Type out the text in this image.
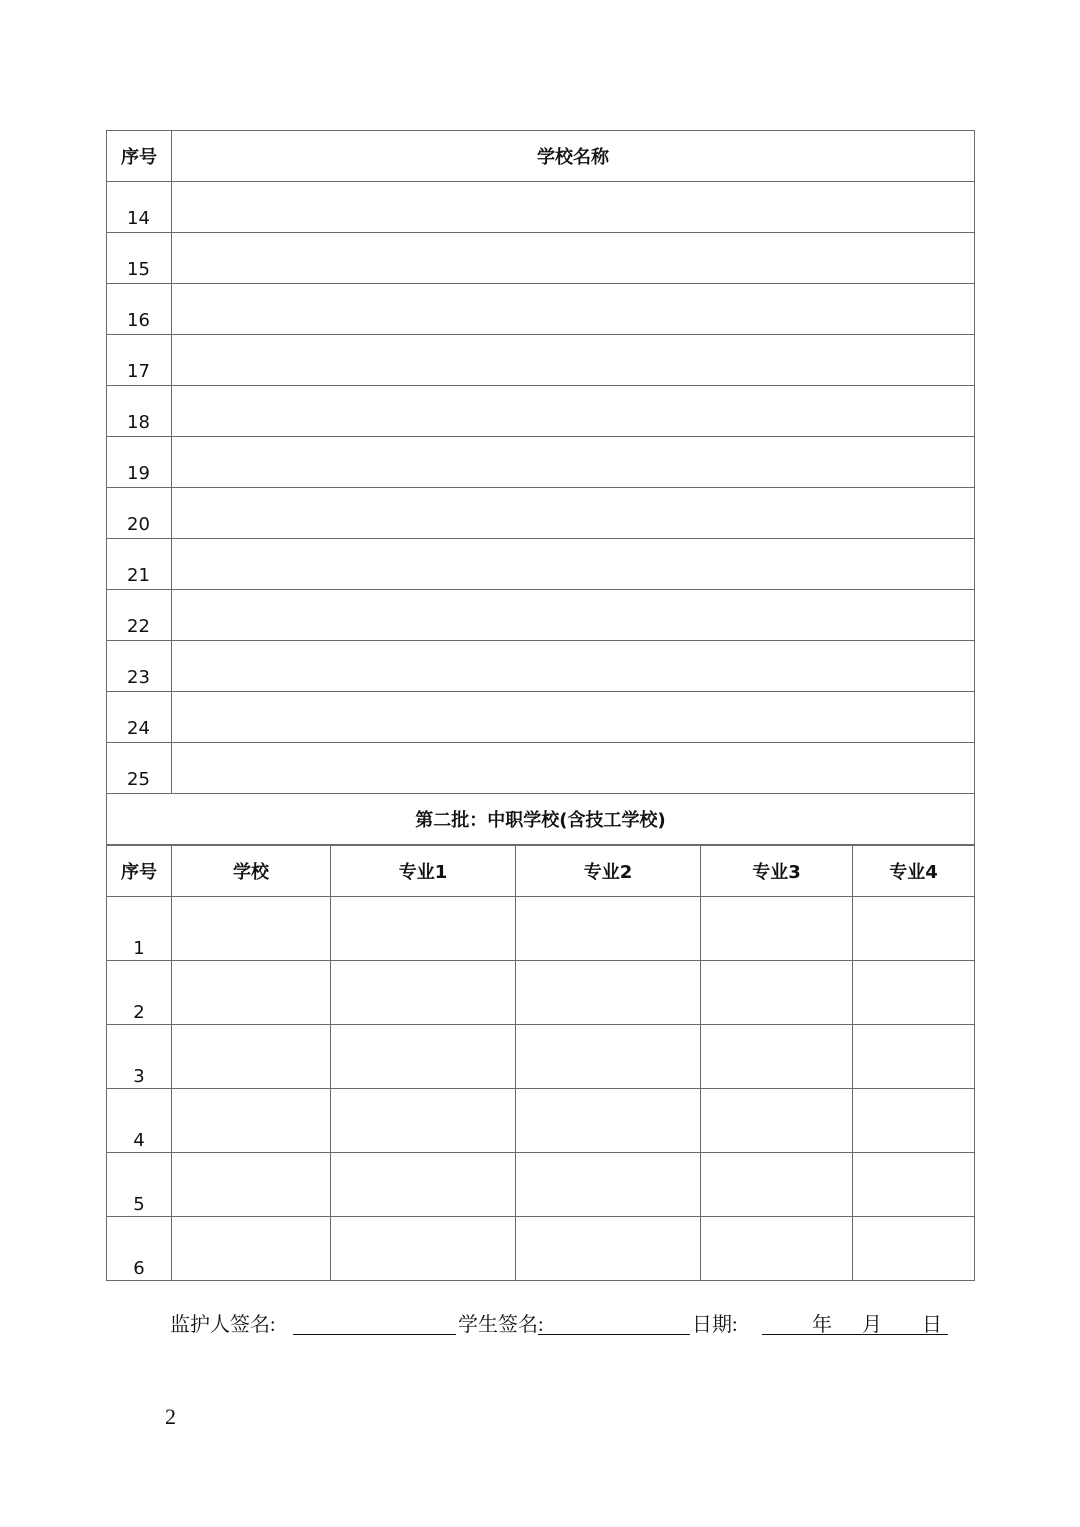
序号	学校名称
14	
15	
16	
17	
18	
19	
20	
21	
22	
23	
24	
25	
第二批：中职学校(含技工学校)	
序号	学校	专业1	专业2	专业3	专业4
1					
2					
3					
4					
5					
6					
监护人签名:	学生签名:	日期:	年 月 日
2
